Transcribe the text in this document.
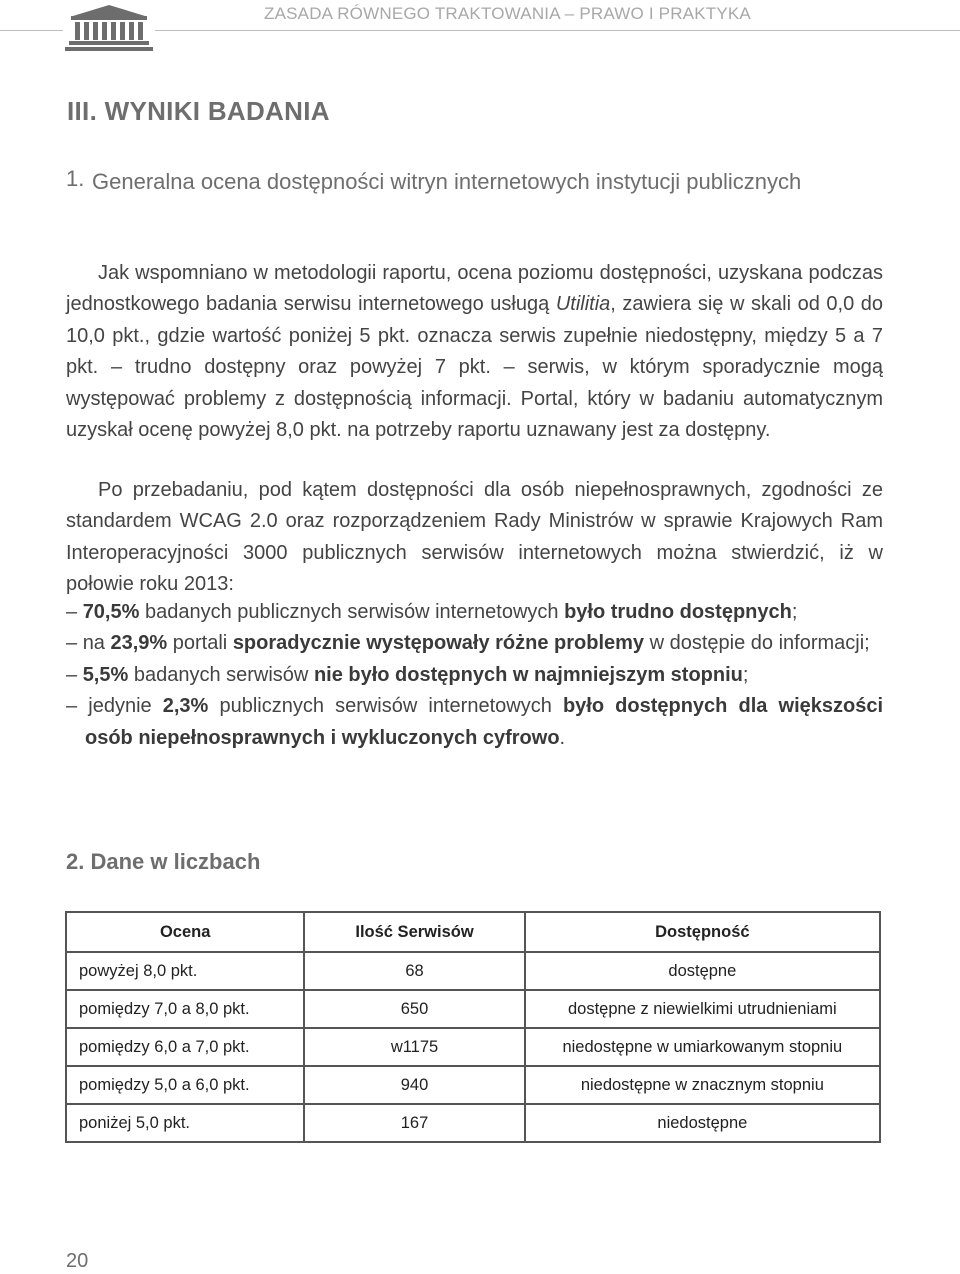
ZASADA RÓWNEGO TRAKTOWANIA – PRAWO I PRAKTYKA
III. WYNIKI BADANIA
1. Generalna ocena dostępności witryn internetowych instytucji publicznych
Jak wspomniano w metodologii raportu, ocena poziomu dostępności, uzyskana podczas jednostkowego badania serwisu internetowego usługą Utilitia, zawiera się w skali od 0,0 do 10,0 pkt., gdzie wartość poniżej 5 pkt. oznacza serwis zupełnie niedostępny, między 5 a 7 pkt. – trudno dostępny oraz powyżej 7 pkt. – serwis, w którym sporadycznie mogą występować problemy z dostępnością informacji. Portal, który w badaniu automatycznym uzyskał ocenę powyżej 8,0 pkt. na potrzeby raportu uznawany jest za dostępny.
Po przebadaniu, pod kątem dostępności dla osób niepełnosprawnych, zgodności ze standardem WCAG 2.0 oraz rozporządzeniem Rady Ministrów w sprawie Krajowych Ram Interoperacyjności 3000 publicznych serwisów internetowych można stwierdzić, iż w połowie roku 2013:

– 70,5% badanych publicznych serwisów internetowych było trudno dostępnych;

– na 23,9% portali sporadycznie występowały różne problemy w dostępie do informacji;

– 5,5% badanych serwisów nie było dostępnych w najmniejszym stopniu;

– jedynie 2,3% publicznych serwisów internetowych było dostępnych dla większości osób niepełnosprawnych i wykluczonych cyfrowo.

2. Dane w liczbach
Ocena	Ilość Serwisów	Dostępność
powyżej 8,0 pkt.	68	dostępne
pomiędzy 7,0 a 8,0 pkt.	650	dostępne z niewielkimi utrudnieniami
pomiędzy 6,0 a 7,0 pkt.	w1175	niedostępne w umiarkowanym stopniu
pomiędzy 5,0 a 6,0 pkt.	940	niedostępne w znacznym stopniu
poniżej 5,0 pkt.	167	niedostępne
20
